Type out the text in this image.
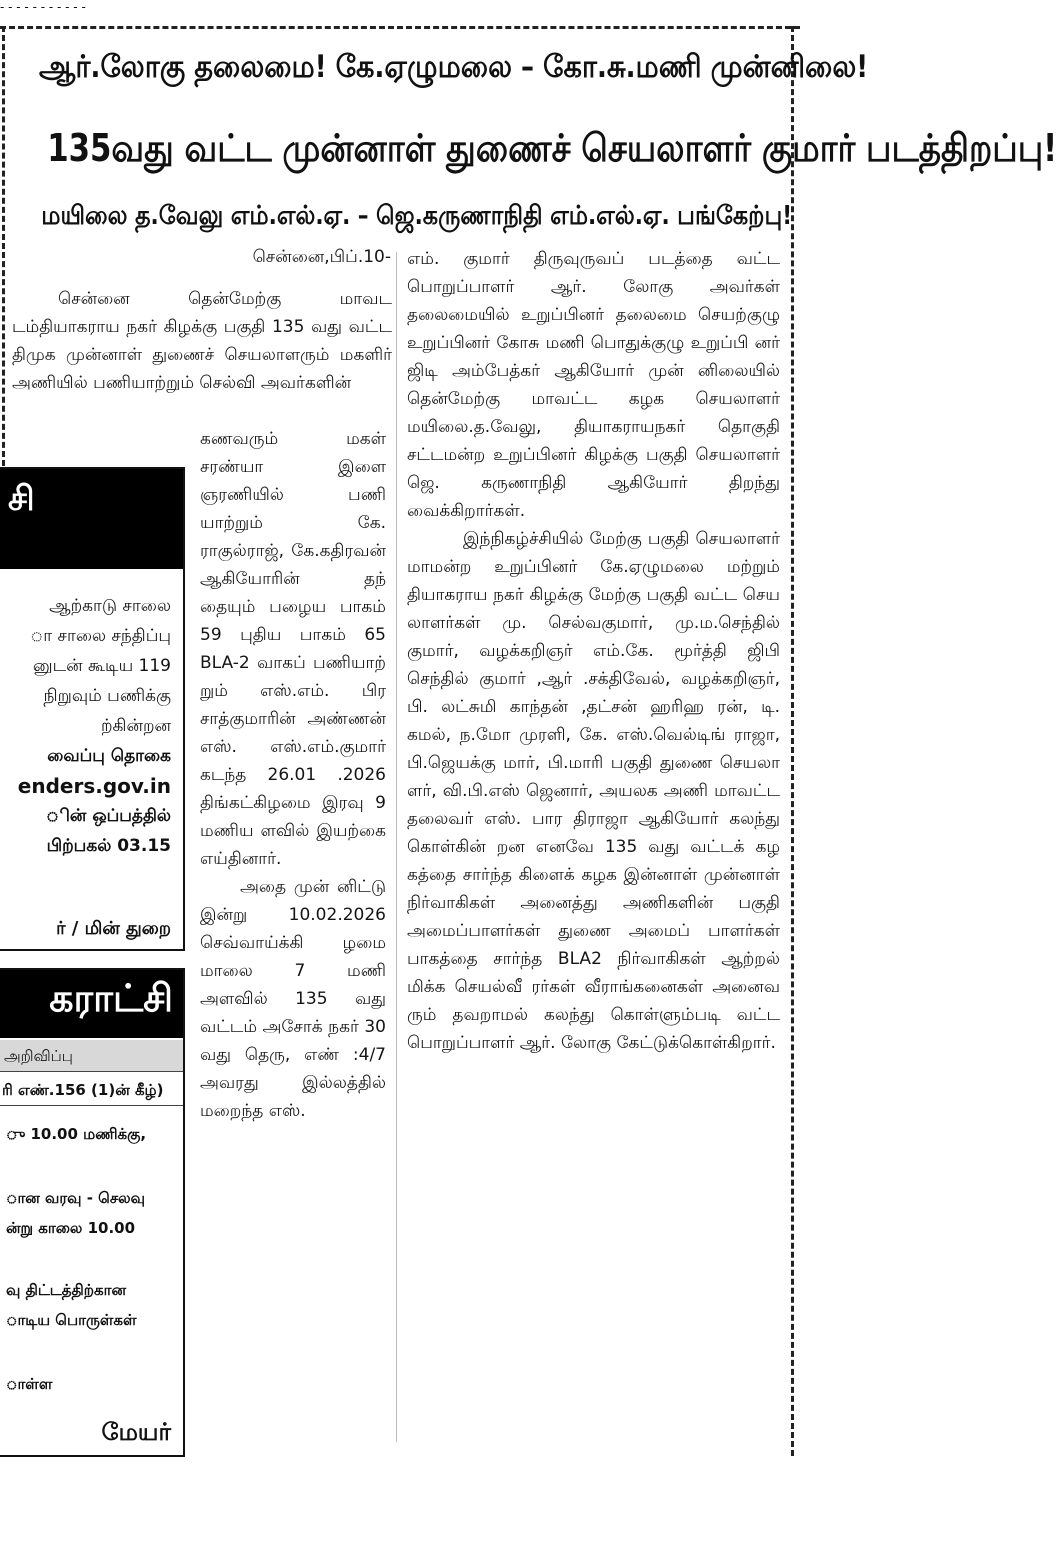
- - - - - - - - - - -
ஆர்.லோகு தலைமை! கே.ஏழுமலை – கோ.சு.மணி முன்னிலை!
135வது வட்ட முன்னாள் துணைச் செயலாளர் குமார் படத்திறப்பு!
மயிலை த.வேலு எம்.எல்.ஏ. – ஜெ.கருணாநிதி எம்.எல்.ஏ. பங்கேற்பு!
சென்னை,பிப்.10-

சென்னை தென்மேற்கு மாவட டம்தியாகராய நகர் கிழக்கு பகுதி 135 வது வட்ட திமுக முன்னாள் துணைச் செயலாளரும் மகளிர் அணியில் பணியாற்றும் செல்வி அவர்களின்

கணவரும் மகள் சரண்யா இளை ஞரணியில் பணி யாற்றும் கே. ராகுல்ராஜ், கே.கதிரவன் ஆகியோரின் தந் தையும் பழைய பாகம் 59 புதிய பாகம் 65 BLA-2 வாகப் பணியாற் றும் எஸ்.எம். பிர சாத்குமாரின் அண்ணன் எஸ். எஸ்.எம்.குமார் கடந்த 26.01 .2026 திங்கட்கிழமை இரவு 9 மணிய ளவில் இயற்கை எய்தினார்.

அதை முன் னிட்டு இன்று 10.02.2026 செவ்வாய்க்கி ழமை மாலை 7 மணி அளவில் 135 வது வட்டம் அசோக் நகர் 30 வது தெரு, எண் :4/7 அவரது இல்லத்தில் மறைந்த எஸ்.

எம். குமார் திருவுருவப் படத்தை வட்ட பொறுப்பாளர் ஆர். லோகு அவர்கள் தலைமையில் உறுப்பினர் தலைமை செயற்குழு உறுப்பினர் கோசு மணி பொதுக்குழு உறுப்பி னர் ஜிடி அம்பேத்கர் ஆகியோர் முன் னிலையில் தென்மேற்கு மாவட்ட கழக செயலாளர் மயிலை.த.வேலு, தியாகராயநகர் தொகுதி சட்டமன்ற உறுப்பினர் கிழக்கு பகுதி செயலாளர் ஜெ. கருணாநிதி ஆகியோர் திறந்து வைக்கிறார்கள்.

இந்நிகழ்ச்சியில் மேற்கு பகுதி செயலாளர் மாமன்ற உறுப்பினர் கே.ஏழுமலை மற்றும் தியாகராய நகர் கிழக்கு மேற்கு பகுதி வட்ட செய லாளர்கள் மு. செல்வகுமார், மு.ம.செந்தில் குமார், வழக்கறிஞர் எம்.கே. மூர்த்தி ஜிபி செந்தில் குமார் ,ஆர் .சக்திவேல், வழக்கறிஞர், பி. லட்சுமி காந்தன் ,தட்சன் ஹரிஹ ரன், டி. கமல், ந.மோ முரளி, கே. எஸ்.வெல்டிங் ராஜா, பி.ஜெயக்கு மார், பி.மாரி பகுதி துணை செயலா ளர், வி.பி.எஸ் ஜெனார், அயலக அணி மாவட்ட தலைவர் எஸ். பார திராஜா ஆகியோர் கலந்து கொள்கின் றன எனவே 135 வது வட்டக் கழ கத்தை சார்ந்த கிளைக் கழக இன்னாள் முன்னாள் நிர்வாகிகள் அனைத்து அணிகளின் பகுதி அமைப்பாளர்கள் துணை அமைப் பாளர்கள் பாகத்தை சார்ந்த BLA2 நிர்வாகிகள் ஆற்றல் மிக்க செயல்வீ ரர்கள் வீராங்கனைகள் அனைவ ரும் தவறாமல் கலந்து கொள்ளும்படி வட்ட பொறுப்பாளர் ஆர். லோகு கேட்டுக்கொள்கிறார்.

சி
ஆற்காடு சாலை
ா சாலை சந்திப்பு
னுடன் கூடிய 119
நிறுவும் பணிக்கு
ற்கின்றன
வைப்பு தொகை
enders.gov.in
ின் ஒப்பத்தில்
பிற்பகல் 03.15
ர் / மின் துறை
கராட்சி
அறிவிப்பு
ரி எண்.156 (1)ன் கீழ்)
ு 10.00 மணிக்கு,
ான வரவு - செலவு
ன்று காலை 10.00
வு திட்டத்திற்கான
ாடிய பொருள்கள்
ாள்ள
மேயர்
